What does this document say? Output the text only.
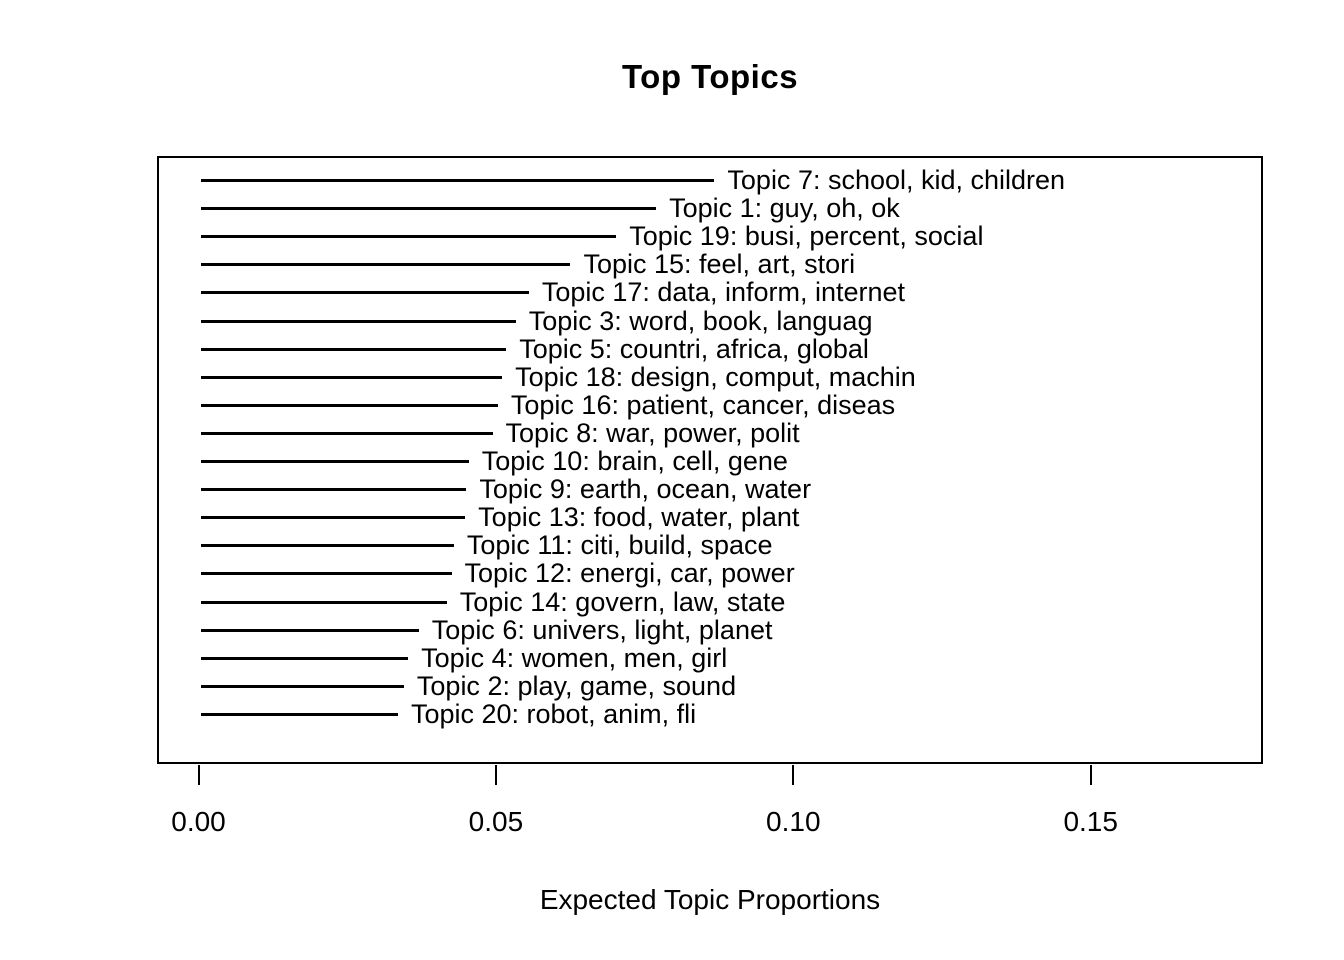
Top Topics
Topic 7: school, kid, children
Topic 1: guy, oh, ok
Topic 19: busi, percent, social
Topic 15: feel, art, stori
Topic 17: data, inform, internet
Topic 3: word, book, languag
Topic 5: countri, africa, global
Topic 18: design, comput, machin
Topic 16: patient, cancer, diseas
Topic 8: war, power, polit
Topic 10: brain, cell, gene
Topic 9: earth, ocean, water
Topic 13: food, water, plant
Topic 11: citi, build, space
Topic 12: energi, car, power
Topic 14: govern, law, state
Topic 6: univers, light, planet
Topic 4: women, men, girl
Topic 2: play, game, sound
Topic 20: robot, anim, fli
0.00	0.05	0.10	0.15
Expected Topic Proportions
